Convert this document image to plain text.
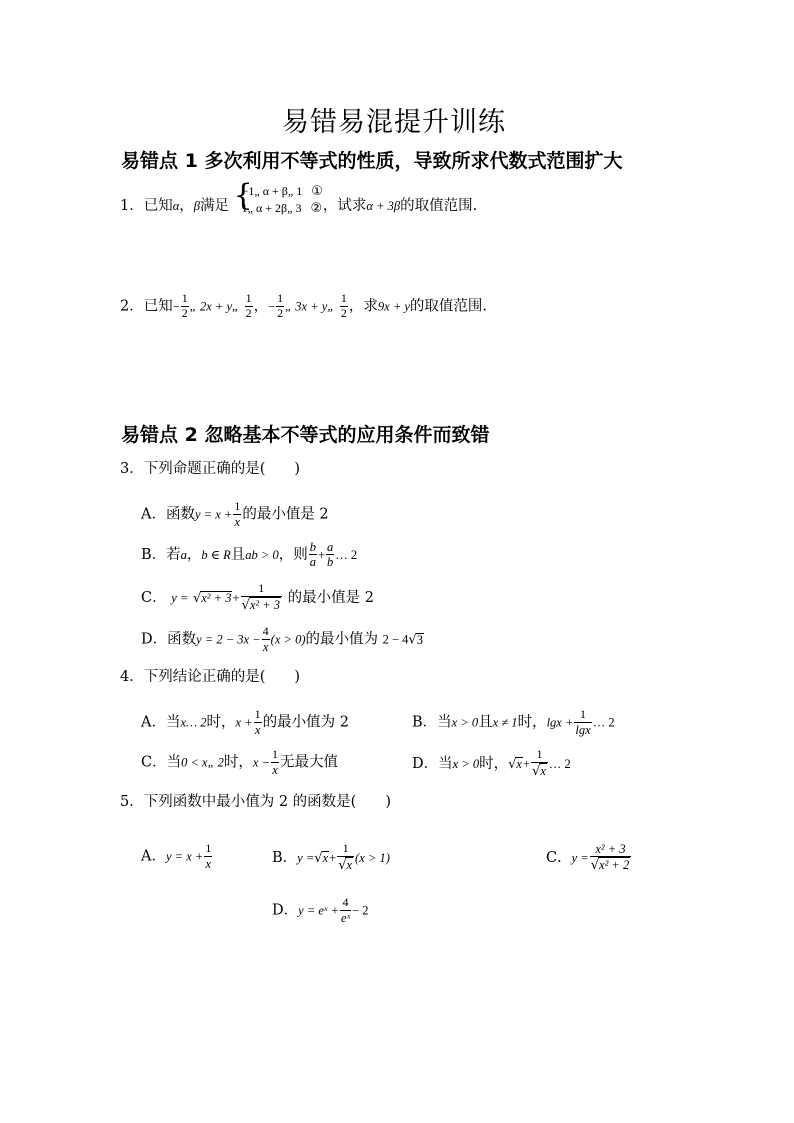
易错易混提升训练
易错点 1 多次利用不等式的性质，导致所求代数式范围扩大
1．已知α，β满足 {
−1„ α + β„ 1 ①
1„ α + 2β„ 3 ② ，试求α + 3β的取值范围.
2．已知− $\frac{1}{2}$ „ 2x + y„ $\frac{1}{2}$ ，− $\frac{1}{2}$ „ 3x + y„ $\frac{1}{2}$ ，求9x + y的取值范围.
易错点 2 忽略基本不等式的应用条件而致错
3．下列命题正确的是(　　)
A．函数$y = x + \frac{1}{x}$ 的最小值是 2
B．若a，b ∈ R且ab > 0，则 $\frac{b}{a} + \frac{a}{b}$ … 2
C． $y = √x^2 + 3+ \frac{1}{\text{√x² + 3}}$ 的最小值是 2
D．函数$y = 2 - 3x - \frac{4}{x} (x > 0)$的最小值为 2 − 4√3
4．下列结论正确的是(　　)
A．当x… 2时，$x + \frac{1}{x}$ 的最小值为 2	B．当x > 0且x ≠ 1时，$\lg x + \frac{1}{\lg x}$ … 2
C．当0 < x„ 2时，$x - \frac{1}{x}$ 无最大值	D．当x > 0时，$√x+ \frac{1}{√x}$ … 2
5．下列函数中最小值为 2 的函数是(　　)
A．$y = x + \frac{1}{x}$	B．$y =√x+ \frac{1}{√x} (x > 1)$	C．$y = \frac{\text{x² + 3}}{\text{√x² + 2}}$
D．y = eˣ + $\frac{4}{\text{eˣ}} - 2$
